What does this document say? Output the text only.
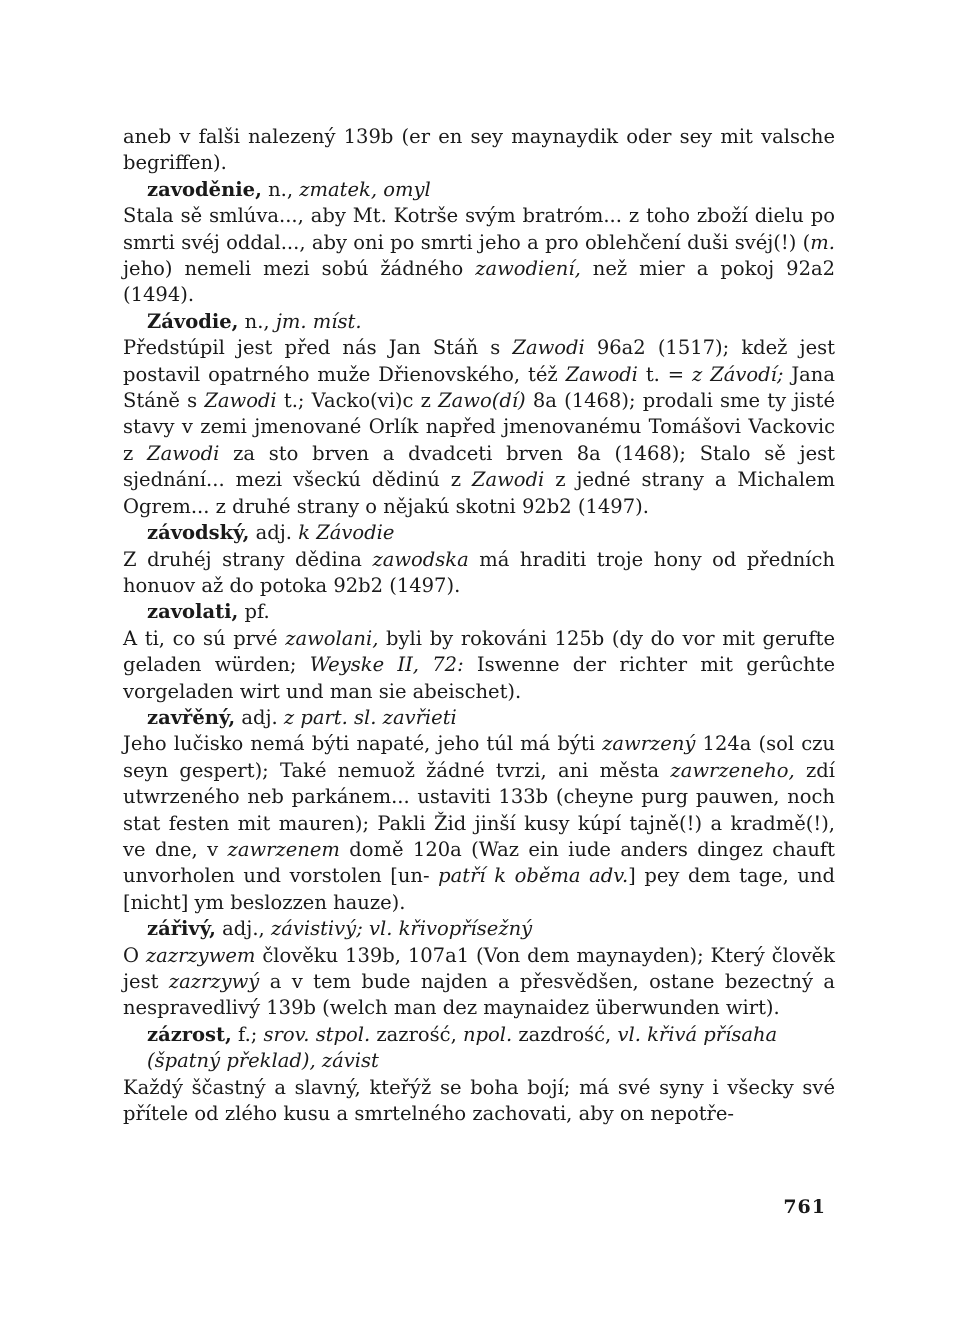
aneb v falši nalezený 139b (er en sey maynaydik oder sey mit valsche begriffen).

zavoděnie, n., zmatek, omyl

Stala sě smlúva..., aby Mt. Kotrše svým bratróm... z toho zboží dielu po smrti svéj oddal..., aby oni po smrti jeho a pro oblehčení duši svéj(!) (m. jeho) nemeli mezi sobú žádného zawodiení, než mier a pokoj 92a2 (1494).

Závodie, n., jm. míst.

Předstúpil jest před nás Jan Stáň s Zawodi 96a2 (1517); kdež jest postavil opatrného muže Dřienovského, též Zawodi t. = z Závodí; Jana Stáně s Zawodi t.; Vacko(vi)c z Zawo(dí) 8a (1468); prodali sme ty jisté stavy v zemi jmenované Orlík napřed jmenovanému Tomášovi Vackovic z Zawodi za sto brven a dvadceti brven 8a (1468); Stalo sě jest sjednání... mezi všeckú dědinú z Zawodi z jedné strany a Michalem Ogrem... z druhé strany o nějakú skotni 92b2 (1497).

závodský, adj. k Závodie

Z druhéj strany dědina zawodska má hraditi troje hony od předních honuov až do potoka 92b2 (1497).

zavolati, pf.

A ti, co sú prvé zawolani, byli by rokováni 125b (dy do vor mit gerufte geladen würden; Weyske II, 72: Iswenne der richter mit gerûchte vorgeladen wirt und man sie abeischet).

zavřěný, adj. z part. sl. zavřieti

Jeho lučisko nemá býti napaté, jeho túl má býti zawrzený 124a (sol czu seyn gespert); Také nemuož žádné tvrzi, ani města zawrzeneho, zdí utwrzeného neb parkánem... ustaviti 133b (cheyne purg pauwen, noch stat festen mit mauren); Pakli Žid jinší kusy kúpí tajně(!) a kradmě(!), ve dne, v zawrzenem domě 120a (Waz ein iude anders dingez chauft unvorholen und vorstolen [un- patří k oběma adv.] pey dem tage, und [nicht] ym beslozzen hauze).

zářivý, adj., závistivý; vl. křivopřísežný

O zazrzywem člověku 139b, 107a1 (Von dem maynayden); Který člověk jest zazrzywý a v tem bude najden a přesvědšen, ostane bezectný a nespravedlivý 139b (welch man dez maynaidez überwunden wirt).

zázrost, f.; srov. stpol. zazrość, npol. zazdrość, vl. křivá přísaha
(špatný překlad), závist

Každý ščastný a slavný, kteřýž se boha bojí; má své syny i všecky své přítele od zlého kusu a smrtelného zachovati, aby on nepotře-

761
